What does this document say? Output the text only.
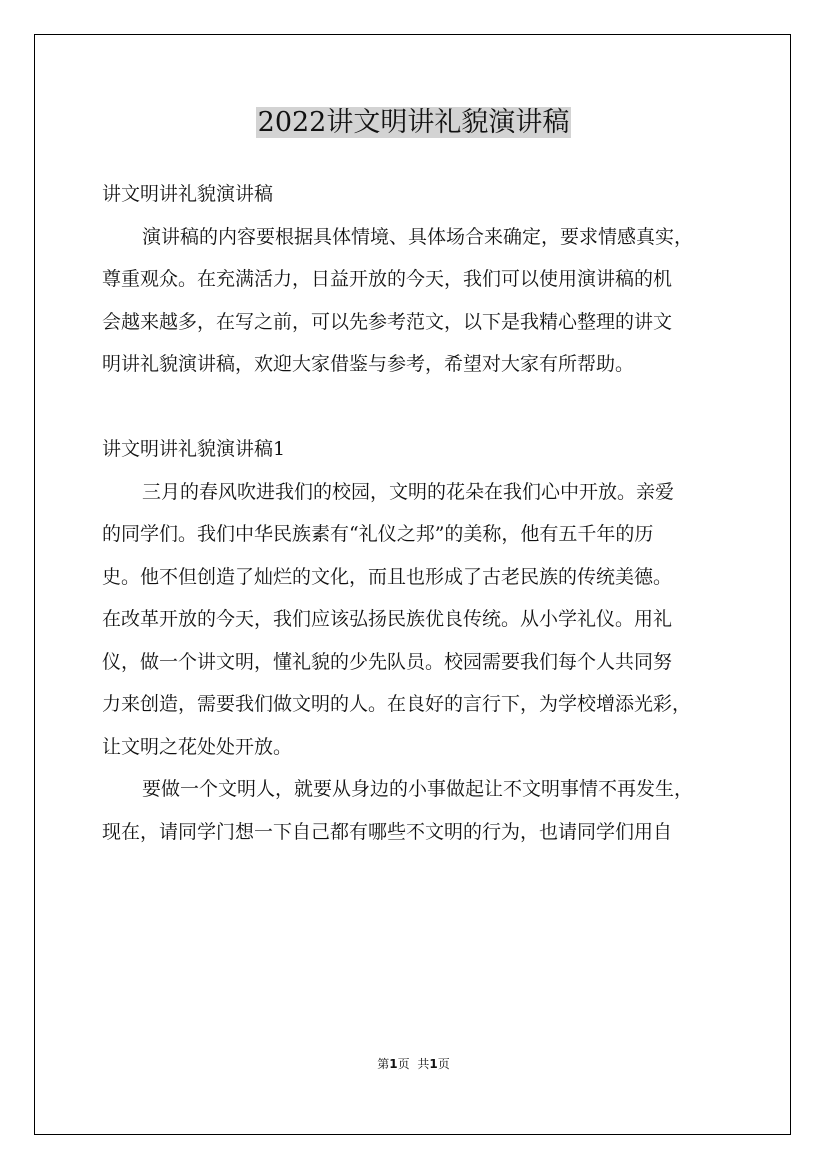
2022讲文明讲礼貌演讲稿

讲文明讲礼貌演讲稿

演讲稿的内容要根据具体情境、具体场合来确定，要求情感真实，

尊重观众。在充满活力，日益开放的今天，我们可以使用演讲稿的机

会越来越多，在写之前，可以先参考范文，以下是我精心整理的讲文

明讲礼貌演讲稿，欢迎大家借鉴与参考，希望对大家有所帮助。

讲文明讲礼貌演讲稿1

三月的春风吹进我们的校园，文明的花朵在我们心中开放。亲爱

的同学们。我们中华民族素有“礼仪之邦”的美称，他有五千年的历

史。他不但创造了灿烂的文化，而且也形成了古老民族的传统美德。

在改革开放的今天，我们应该弘扬民族优良传统。从小学礼仪。用礼

仪，做一个讲文明，懂礼貌的少先队员。校园需要我们每个人共同努

力来创造，需要我们做文明的人。在良好的言行下，为学校增添光彩，

让文明之花处处开放。

要做一个文明人，就要从身边的小事做起让不文明事情不再发生，

现在，请同学门想一下自己都有哪些不文明的行为，也请同学们用自

第1页 共1页
